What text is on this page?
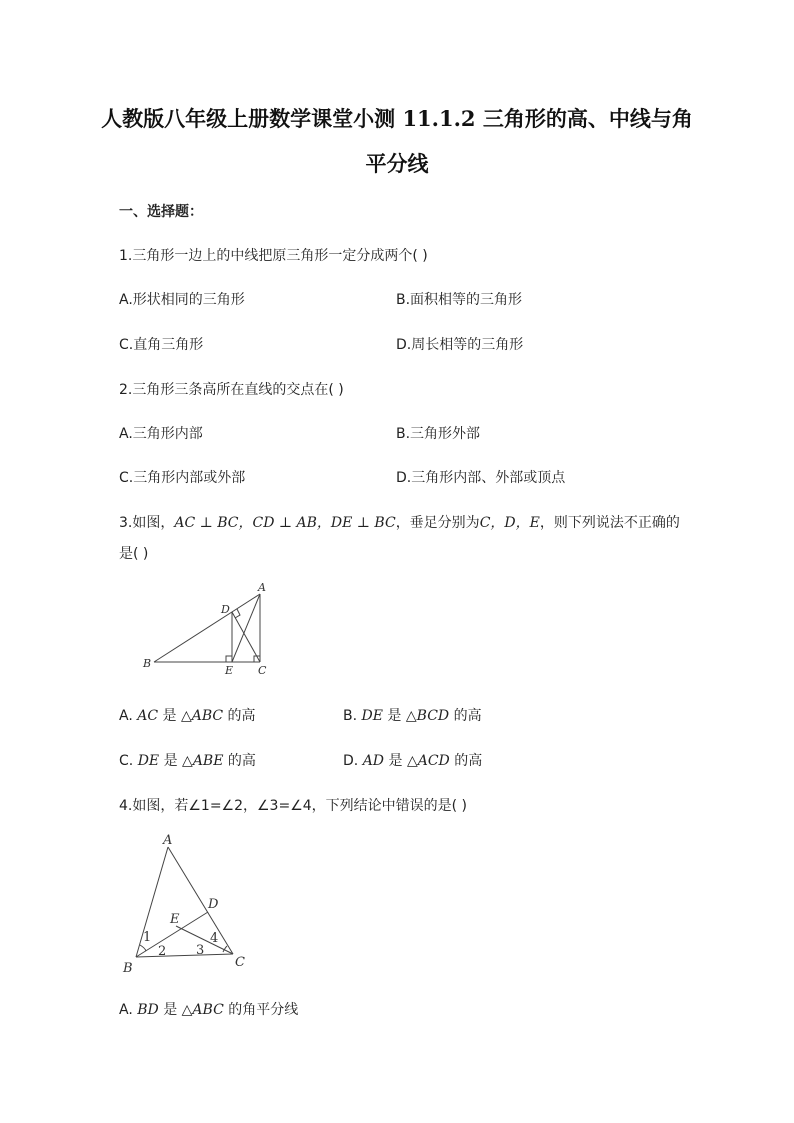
人教版八年级上册数学课堂小测 11.1.2 三角形的高、中线与角
平分线
一、选择题：
1.三角形一边上的中线把原三角形一定分成两个( )
A.形状相同的三角形	B.面积相等的三角形
C.直角三角形	D.周长相等的三角形
2.三角形三条高所在直线的交点在( )
A.三角形内部	B.三角形外部
C.三角形内部或外部	D.三角形内部、外部或顶点
3.如图，AC ⊥ BC，CD ⊥ AB，DE ⊥ BC，垂足分别为C，D，E，则下列说法不正确的
是( )
A
B
C
D
E
A. AC 是 △ABC 的高	B. DE 是 △BCD 的高
C. DE 是 △ABE 的高	D. AD 是 △ACD 的高
4.如图，若∠1=∠2，∠3=∠4，下列结论中错误的是( )
A
B	C
D
E
1
2 3
4
A. BD 是 △ABC 的角平分线
